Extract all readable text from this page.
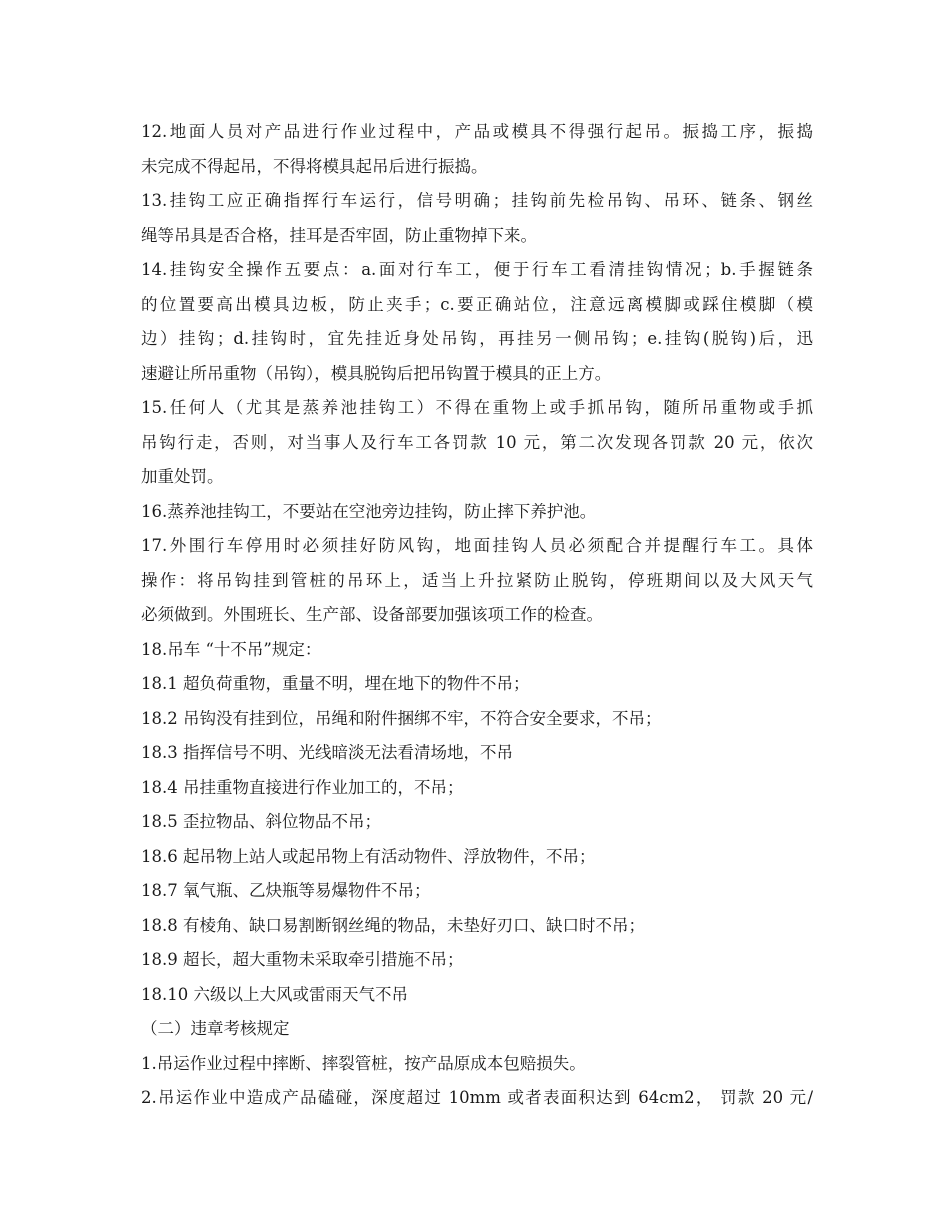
12.地面人员对产品进行作业过程中，产品或模具不得强行起吊。振捣工序，振捣
未完成不得起吊，不得将模具起吊后进行振捣。
13.挂钩工应正确指挥行车运行，信号明确；挂钩前先检吊钩、吊环、链条、钢丝
绳等吊具是否合格，挂耳是否牢固，防止重物掉下来。
14.挂钩安全操作五要点：a.面对行车工，便于行车工看清挂钩情况；b.手握链条
的位置要高出模具边板，防止夹手；c.要正确站位，注意远离模脚或踩住模脚（模
边）挂钩；d.挂钩时，宜先挂近身处吊钩，再挂另一侧吊钩；e.挂钩(脱钩)后，迅
速避让所吊重物（吊钩），模具脱钩后把吊钩置于模具的正上方。
15.任何人（尤其是蒸养池挂钩工）不得在重物上或手抓吊钩，随所吊重物或手抓
吊钩行走，否则，对当事人及行车工各罚款 10 元，第二次发现各罚款 20 元，依次
加重处罚。
16.蒸养池挂钩工，不要站在空池旁边挂钩，防止摔下养护池。
17.外围行车停用时必须挂好防风钩，地面挂钩人员必须配合并提醒行车工。具体
操作：将吊钩挂到管桩的吊环上，适当上升拉紧防止脱钩，停班期间以及大风天气
必须做到。外围班长、生产部、设备部要加强该项工作的检查。
18.吊车 “十不吊”规定：
18.1 超负荷重物，重量不明，埋在地下的物件不吊；
18.2 吊钩没有挂到位，吊绳和附件捆绑不牢，不符合安全要求，不吊；
18.3 指挥信号不明、光线暗淡无法看清场地，不吊
18.4 吊挂重物直接进行作业加工的，不吊；
18.5 歪拉物品、斜位物品不吊；
18.6 起吊物上站人或起吊物上有活动物件、浮放物件，不吊；
18.7 氧气瓶、乙炔瓶等易爆物件不吊；
18.8 有棱角、缺口易割断钢丝绳的物品，未垫好刃口、缺口时不吊；
18.9 超长，超大重物未采取牵引措施不吊；
18.10 六级以上大风或雷雨天气不吊
（二）违章考核规定
1.吊运作业过程中摔断、摔裂管桩，按产品原成本包赔损失。
2.吊运作业中造成产品磕碰，深度超过 10mm 或者表面积达到 64cm2， 罚款 20 元/
